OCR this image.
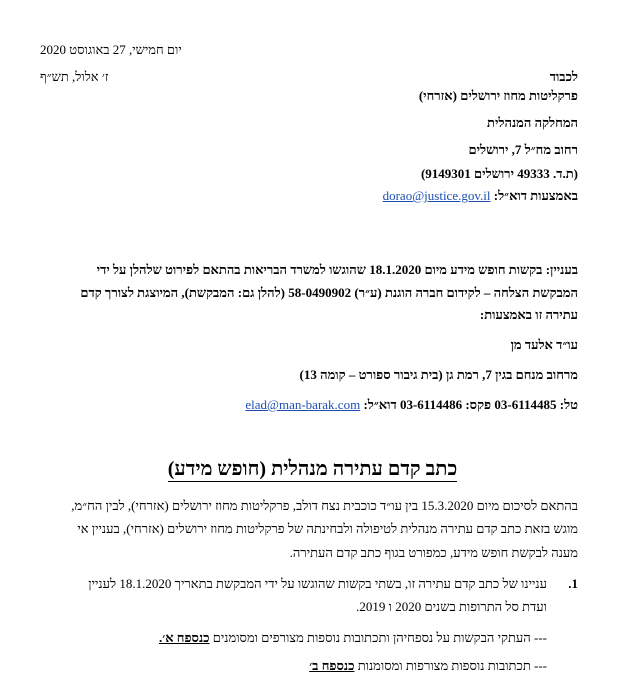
יום חמישי, 27 באוגוסט 2020
ז׳ אלול, תש״ף	לכבוד
פרקליטות מחוז ירושלים (אזרחי)
המחלקה המנהלית
רחוב מח״ל 7, ירושלים
(ת.ד. 49333 ירושלים 9149301)
באמצעות דוא״ל: dorao@justice.gov.il
בעניין: בקשות חופש מידע מיום 18.1.2020 שהוגשו למשרד הבריאות בהתאם לפירוט שלהלן על ידי
המבקשת הצלחה – לקידום חברה הוגנת (ע״ר) 58-0490902 (להלן גם: המבקשת), המיוצגת לצורך קדם
עתירה זו באמצעות:
עו״ד אלעד מן
מרחוב מנחם בגין 7, רמת גן (בית גיבור ספורט – קומה 13)
טל: 03-6114485 פקס: 03-6114486 דוא״ל: elad@man-barak.com
כתב קדם עתירה מנהלית (חופש מידע)
בהתאם לסיכום מיום 15.3.2020 בין עו״ד כוכבית נצח דולב, פרקליטות מחוז ירושלים (אזרחי), לבין הח״מ,
מוגש בזאת כתב קדם עתירה מנהלית לטיפולה ולבחינתה של פרקליטות מחוז ירושלים (אזרחי), בעניין אי
מענה לבקשת חופש מידע, כמפורט בגוף כתב קדם העתירה.
1.
עניינו של כתב קדם עתירה זו, בשתי בקשות שהוגשו על ידי המבקשת בתאריך 18.1.2020 לעניין
ועדת סל התרופות בשנים 2020 ו 2019.
--- העתקי הבקשות על נספחיהן ותכתובות נוספות מצורפים ומסומנים כנספח א׳.
--- תכתובות נוספות מצורפות ומסומנות כנספח ב׳
